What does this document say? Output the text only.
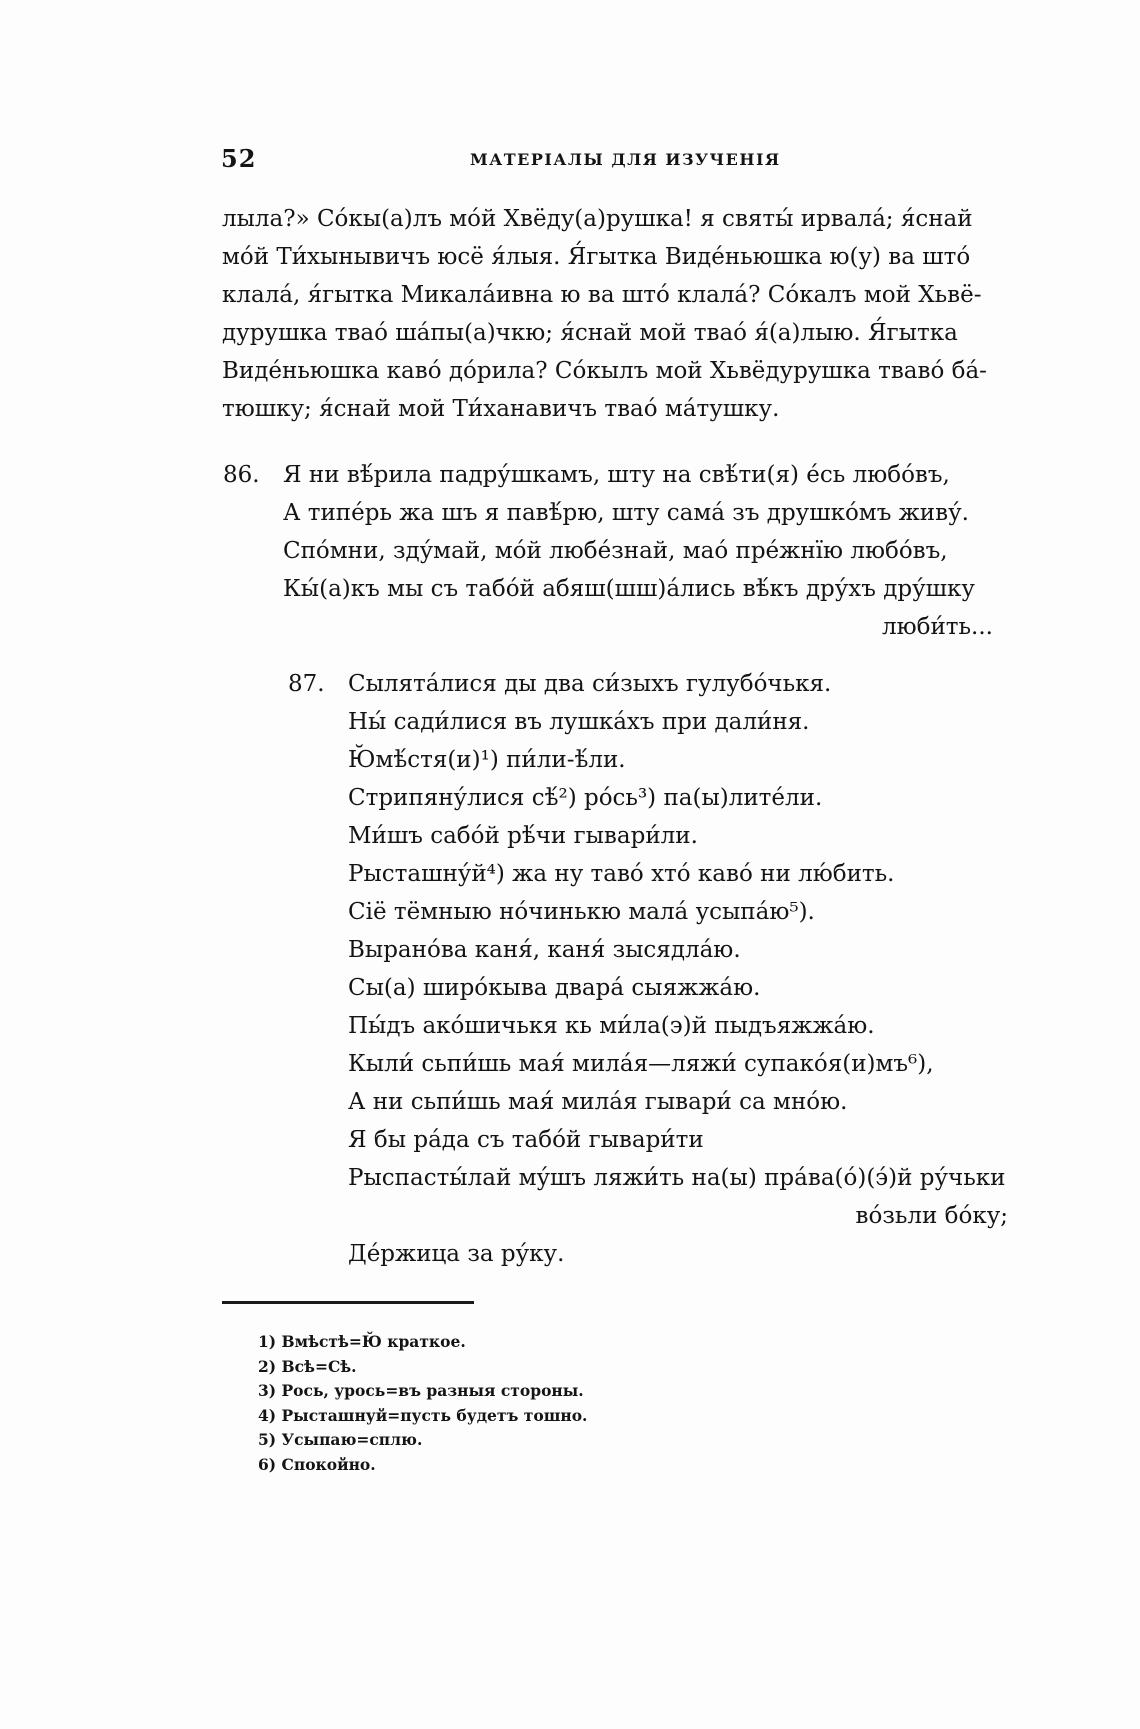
52	МАТЕРІАЛЫ ДЛЯ ИЗУЧЕНІЯ
лыла?» Со́кы(а)лъ мо́й Хвёду(а)рушка! я святы́ ирвала́; я́снай
мо́й Ти́хынывичъ юсё я́лыя. Я́гытка Виде́ньюшка ю(у) ва што́
клала́, я́гытка Микала́ивна ю ва што́ клала́? Со́калъ мой Хьвё-
дурушка твао́ ша́пы(а)чкю; я́снай мой твао́ я́(а)лыю. Я́гытка
Виде́ньюшка каво́ до́рила? Со́кылъ мой Хьвёдурушка тваво́ ба́-
тюшку; я́снай мой Ти́ханавичъ твао́ ма́тушку.
86. Я ни вѣ́рила падру́шкамъ, шту на свѣ́ти(я) е́сь любо́въ,
А типе́рь жа шъ я павѣ́рю, шту сама́ зъ друшко́мъ живу́.
Спо́мни, зду́май, мо́й любе́знай, мао́ пре́жнїю любо́въ,
Кы́(а)къ мы съ табо́й абяш(шш)а́лись вѣ́къ дру́хъ дру́шку
люби́ть...
87. Сылята́лися ды два си́зыхъ гулубо́чькя.
Ны́ сади́лися въ лушка́хъ при дали́ня.
Ю̆мѣ́стя(и)¹) пи́ли-ѣ́ли.
Стрипяну́лися сѣ́²) ро́сь³) па(ы)лите́ли.
Ми́шъ сабо́й рѣ́чи гывари́ли.
Рысташну́й⁴) жа ну таво́ хто́ каво́ ни лю́бить.
Сiё тёмныю но́чинькю мала́ усыпа́ю⁵).
Вырано́ва каня́, каня́ зысядла́ю.
Сы(а) широ́кыва двара́ сыяжжа́ю.
Пы́дъ ако́шичькя кь ми́ла(э)й пыдъяжжа́ю.
Кыли́ сьпи́шь мая́ мила́я—ляжи́ супако́я(и)мъ⁶),
А ни сьпи́шь мая́ мила́я гывари́ са мно́ю.
Я бы ра́да съ табо́й гывари́ти
Рыспасты́лай му́шъ ляжи́ть на(ы) пра́ва(о́)(э́)й ру́чьки
во́зьли бо́ку;
Де́ржица за ру́ку.
1) Вмѣстѣ=Ю̆ краткое.
2) Всѣ=Сѣ.
3) Рось, урось=въ разныя стороны.
4) Рысташнуй=пусть будетъ тошно.
5) Усыпаю=сплю.
6) Спокойно.
